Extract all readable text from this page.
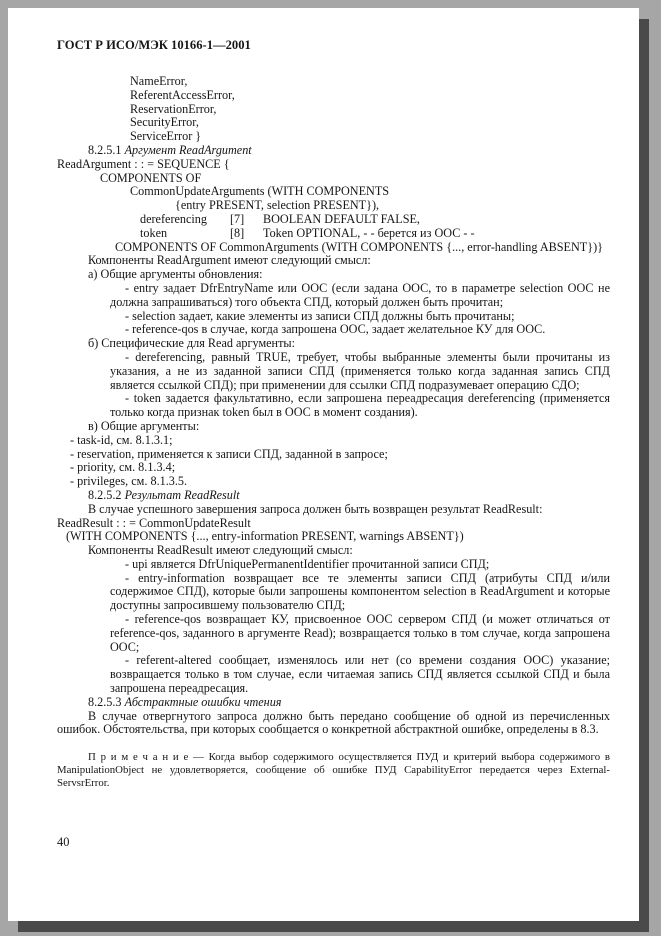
ГОСТ Р ИСО/МЭК 10166-1—2001

NameError,

ReferentAccessError,

ReservationError,

SecurityError,

ServiceError }

8.2.5.1 Аргумент ReadArgument

ReadArgument : : = SEQUENCE {

COMPONENTS OF

CommonUpdateArguments (WITH COMPONENTS

{entry PRESENT, selection PRESENT}),

dereferencing [7] BOOLEAN DEFAULT FALSE,

token	[8] Token OPTIONAL, - - берется из ООС - -

COMPONENTS OF CommonArguments (WITH COMPONENTS {..., error-handling ABSENT})}

Компоненты ReadArgument имеют следующий смысл:

а) Общие аргументы обновления:

- entry задает DfrEntryName или ООС (если задана ООС, то в параметре selection ООС не должна запрашиваться) того объекта СПД, который должен быть прочитан;

- selection задает, какие элементы из записи СПД должны быть прочитаны;

- reference-qos в случае, когда запрошена ООС, задает желательное КУ для ООС.

б) Специфические для Read аргументы:

- dereferencing, равный TRUE, требует, чтобы выбранные элементы были прочитаны из указания, а не из заданной записи СПД (применяется только когда заданная запись СПД является ссылкой СПД); при применении для ссылки СПД подразумевает операцию СДО;

- token задается факультативно, если запрошена переадресация dereferencing (применяется только когда признак token был в ООС в момент создания).

в) Общие аргументы:

- task-id, см. 8.1.3.1;

- reservation, применяется к записи СПД, заданной в запросе;

- priority, см. 8.1.3.4;

- privileges, см. 8.1.3.5.

8.2.5.2 Результат ReadResult

В случае успешного завершения запроса должен быть возвращен результат ReadResult:

ReadResult : : = CommonUpdateResult

(WITH COMPONENTS {..., entry-information PRESENT, warnings ABSENT})

Компоненты ReadResult имеют следующий смысл:

- upi является DfrUniquePermanentIdentifier прочитанной записи СПД;

- entry-information возвращает все те элементы записи СПД (атрибуты СПД и/или содержимое СПД), которые были запрошены компонентом selection в ReadArgument и которые доступны запросившему пользователю СПД;

- reference-qos возвращает КУ, присвоенное ООС сервером СПД (и может отличаться от reference-qos, заданного в аргументе Read); возвращается только в том случае, когда запрошена ООС;

- referent-altered сообщает, изменялось или нет (со времени создания ООС) указание; возвращается только в том случае, если читаемая запись СПД является ссылкой СПД и была запрошена переадресация.

8.2.5.3 Абстрактные ошибки чтения

В случае отвергнутого запроса должно быть передано сообщение об одной из перечисленных ошибок. Обстоятельства, при которых сообщается о конкретной абстрактной ошибке, определены в 8.3.

П р и м е ч а н и е — Когда выбор содержимого осуществляется ПУД и критерий выбора содержимого в ManipulationObject не удовлетворяется, сообщение об ошибке ПУД CapabilityError передается через External-ServsrError.

40
